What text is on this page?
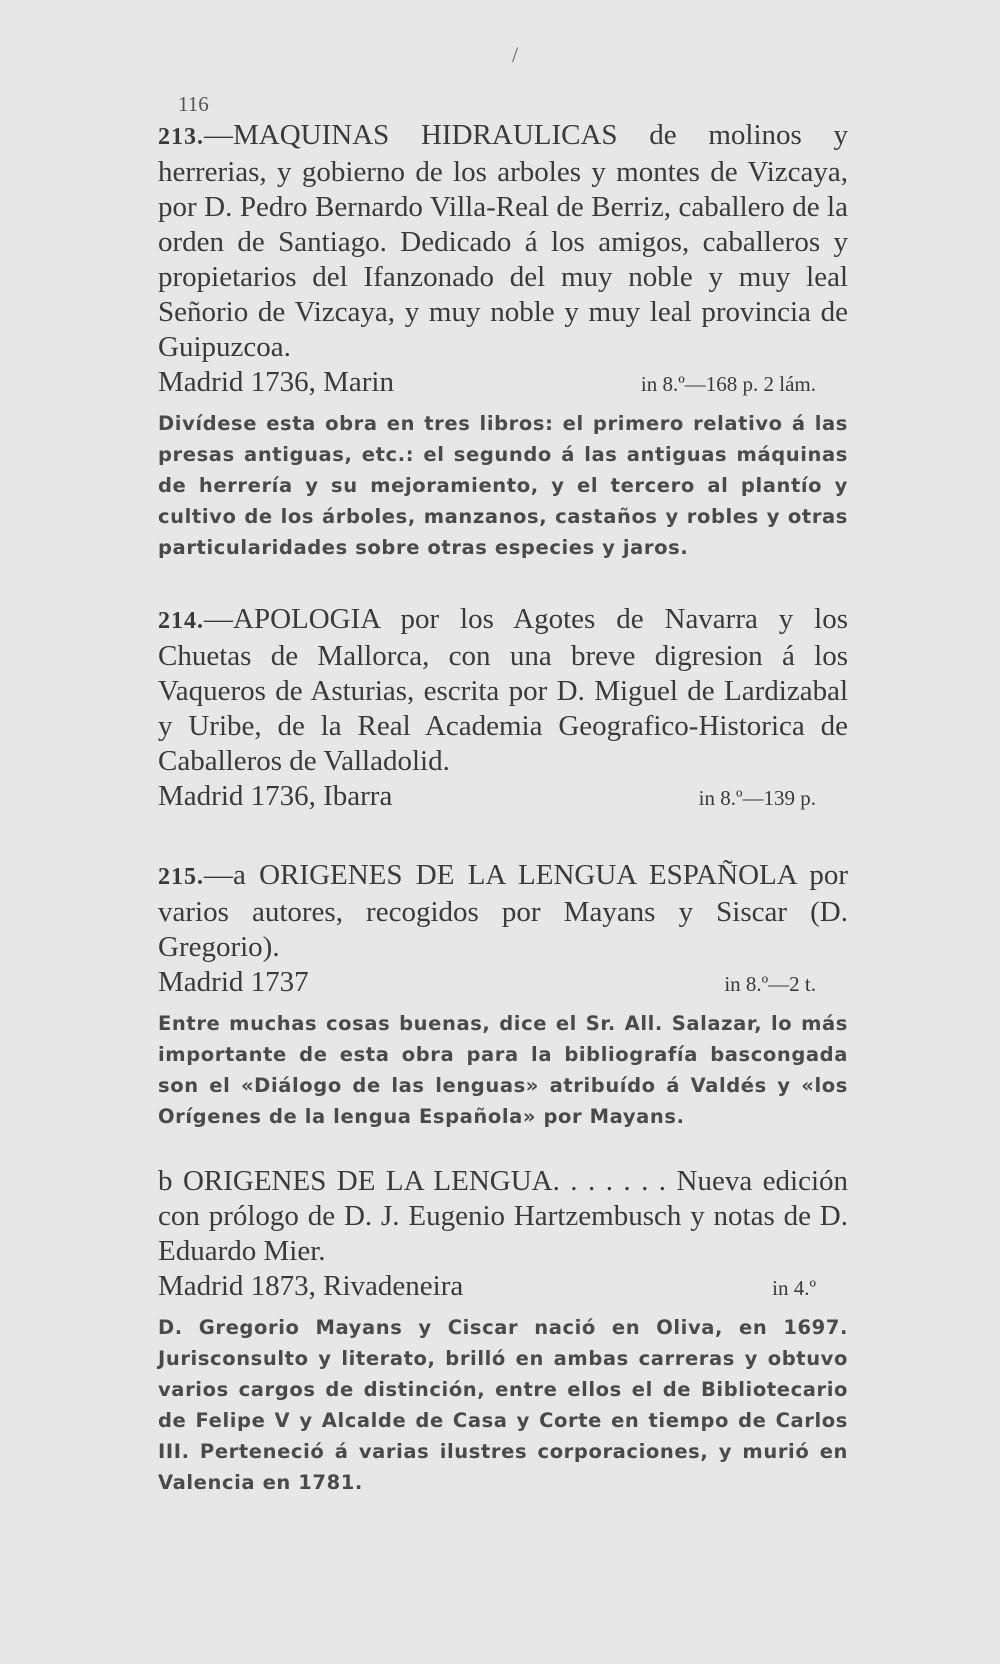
/
116

213.—MAQUINAS HIDRAULICAS de molinos y herrerias, y gobierno de los arboles y montes de Vizcaya, por D. Pedro Bernardo Villa-Real de Berriz, caballero de la orden de Santiago. Dedicado á los amigos, caballeros y propietarios del Ifanzonado del muy noble y muy leal Señorio de Vizcaya, y muy noble y muy leal provincia de Guipuzcoa.

Madrid 1736, Marin	in 8.º—168 p. 2 lám.

Divídese esta obra en tres libros: el primero relativo á las presas antiguas, etc.: el segundo á las antiguas máquinas de herrería y su mejoramiento, y el tercero al plantío y cultivo de los árboles, manzanos, castaños y robles y otras particularidades sobre otras especies y jaros.

214.—APOLOGIA por los Agotes de Navarra y los Chuetas de Mallorca, con una breve digresion á los Vaqueros de Asturias, escrita por D. Miguel de Lardizabal y Uribe, de la Real Academia Geografico-Historica de Caballeros de Valladolid.

Madrid 1736, Ibarra	in 8.º—139 p.

215.—a ORIGENES DE LA LENGUA ESPAÑOLA por varios autores, recogidos por Mayans y Siscar (D. Gregorio).

Madrid 1737	in 8.º—2 t.

Entre muchas cosas buenas, dice el Sr. All. Salazar, lo más importante de esta obra para la bibliografía bascongada son el «Diálogo de las lenguas» atribuído á Valdés y «los Orígenes de la lengua Española» por Mayans.

b ORIGENES DE LA LENGUA. . . . . . . Nueva edición con prólogo de D. J. Eugenio Hartzembusch y notas de D. Eduardo Mier.

Madrid 1873, Rivadeneira	in 4.º

D. Gregorio Mayans y Ciscar nació en Oliva, en 1697. Jurisconsulto y literato, brilló en ambas carreras y obtuvo varios cargos de distinción, entre ellos el de Bibliotecario de Felipe V y Alcalde de Casa y Corte en tiempo de Carlos III. Perteneció á varias ilustres corporaciones, y murió en Valencia en 1781.
